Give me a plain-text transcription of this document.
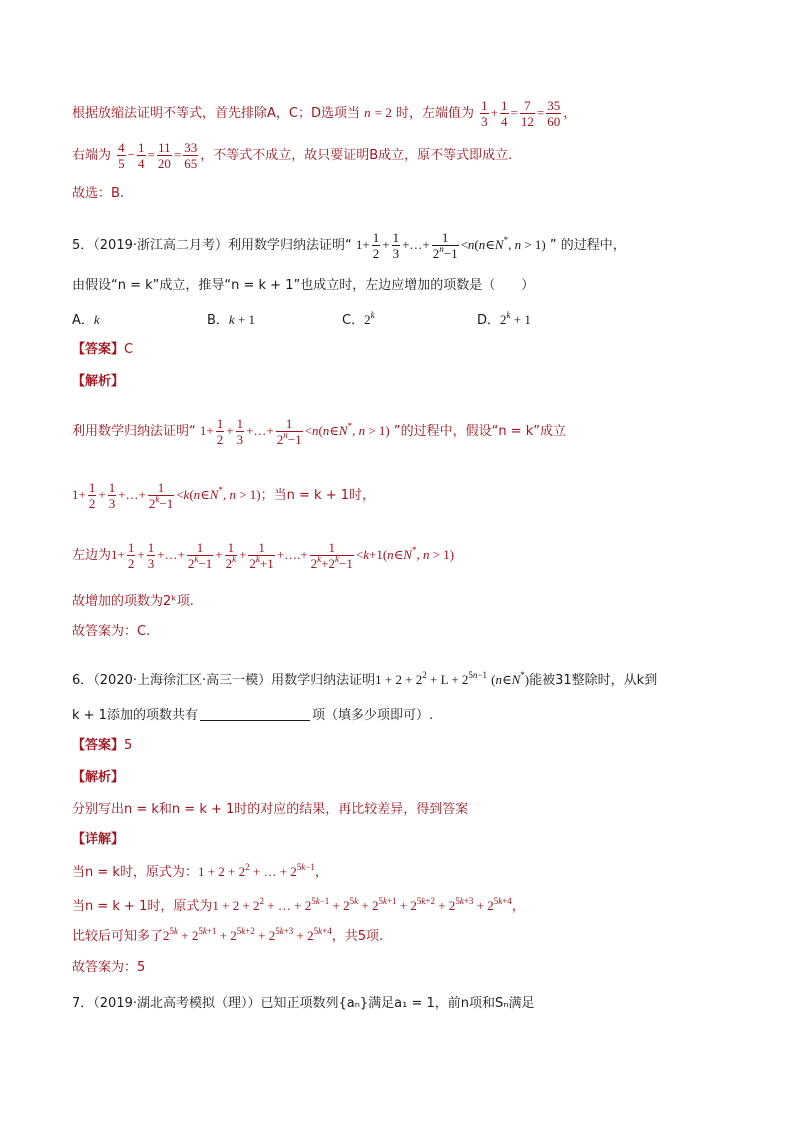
根据放缩法证明不等式，首先排除A，C；D选项当 n = 2 时，左端值为 $\frac{1}{3} + \frac{1}{4} = \frac{7}{12} = \frac{35}{60}$ ，
右端为 $\frac{4}{5} - \frac{1}{4} = \frac{11}{20} = \frac{33}{65}$ ，不等式不成立，故只要证明B成立，原不等式即成立.
故选：B.
5．（2019·浙江高二月考）利用数学归纳法证明“ $1+ \frac{1}{2} + \frac{1}{3}$ +…+ $\frac{1}{2^n-1}$ <n(n∈N*, n > 1) ” 的过程中，
由假设“n = k”成立，推导“n = k + 1”也成立时，左边应增加的项数是（　　）
A．k	B．k + 1	C．2$^k$	D．$2^k + 1$
【答案】C
【解析】
利用数学归纳法证明“ $1+ \frac{1}{2} + \frac{1}{3}$ +…+ $\frac{1}{2^n-1}$ <n(n∈N*, n > 1) ”的过程中，假设“n = k”成立
$1+ \frac{1}{2} + \frac{1}{3}$ +…+ $\frac{1}{2^k-1}$ <k(n∈N*, n > 1)；当n = k + 1时，
左边为$1+ \frac{1}{2} + \frac{1}{3}$ +…+ $\frac{1}{2^k-1} + \frac{1}{2^k} + \frac{1}{2^k+1}$ +….+ $\frac{1}{2^k+2^k-1}$ <k+1(n∈N*, n > 1)
故增加的项数为2ᵏ项.
故答案为：C.
6．（2020·上海徐汇区·高三一模）用数学归纳法证明$1 + 2 + 2^2 + L + 2^{5n-1}$ (n∈N*)能被31整除时，从k到
k + 1添加的项数共有	项（填多少项即可）.
【答案】5
【解析】
分别写出n = k和n = k + 1时的对应的结果，再比较差异，得到答案
【详解】
当n = k时，原式为：$1 + 2 + 2^2$ + … + $2^{5k-1}$，
当n = k + 1时，原式为$1 + 2 + 2^2$ + … + $2^{5k-1} + 2^{5k} + 2^{5k+1} + 2^{5k+2} + 2^{5k+3} + 2^{5k+4}$，
比较后可知多了$2^{5k} + 2^{5k+1} + 2^{5k+2} + 2^{5k+3} + 2^{5k+4}$，共5项.
故答案为：5
7．（2019·湖北高考模拟（理））已知正项数列{aₙ}满足a₁ = 1，前n项和Sₙ满足
